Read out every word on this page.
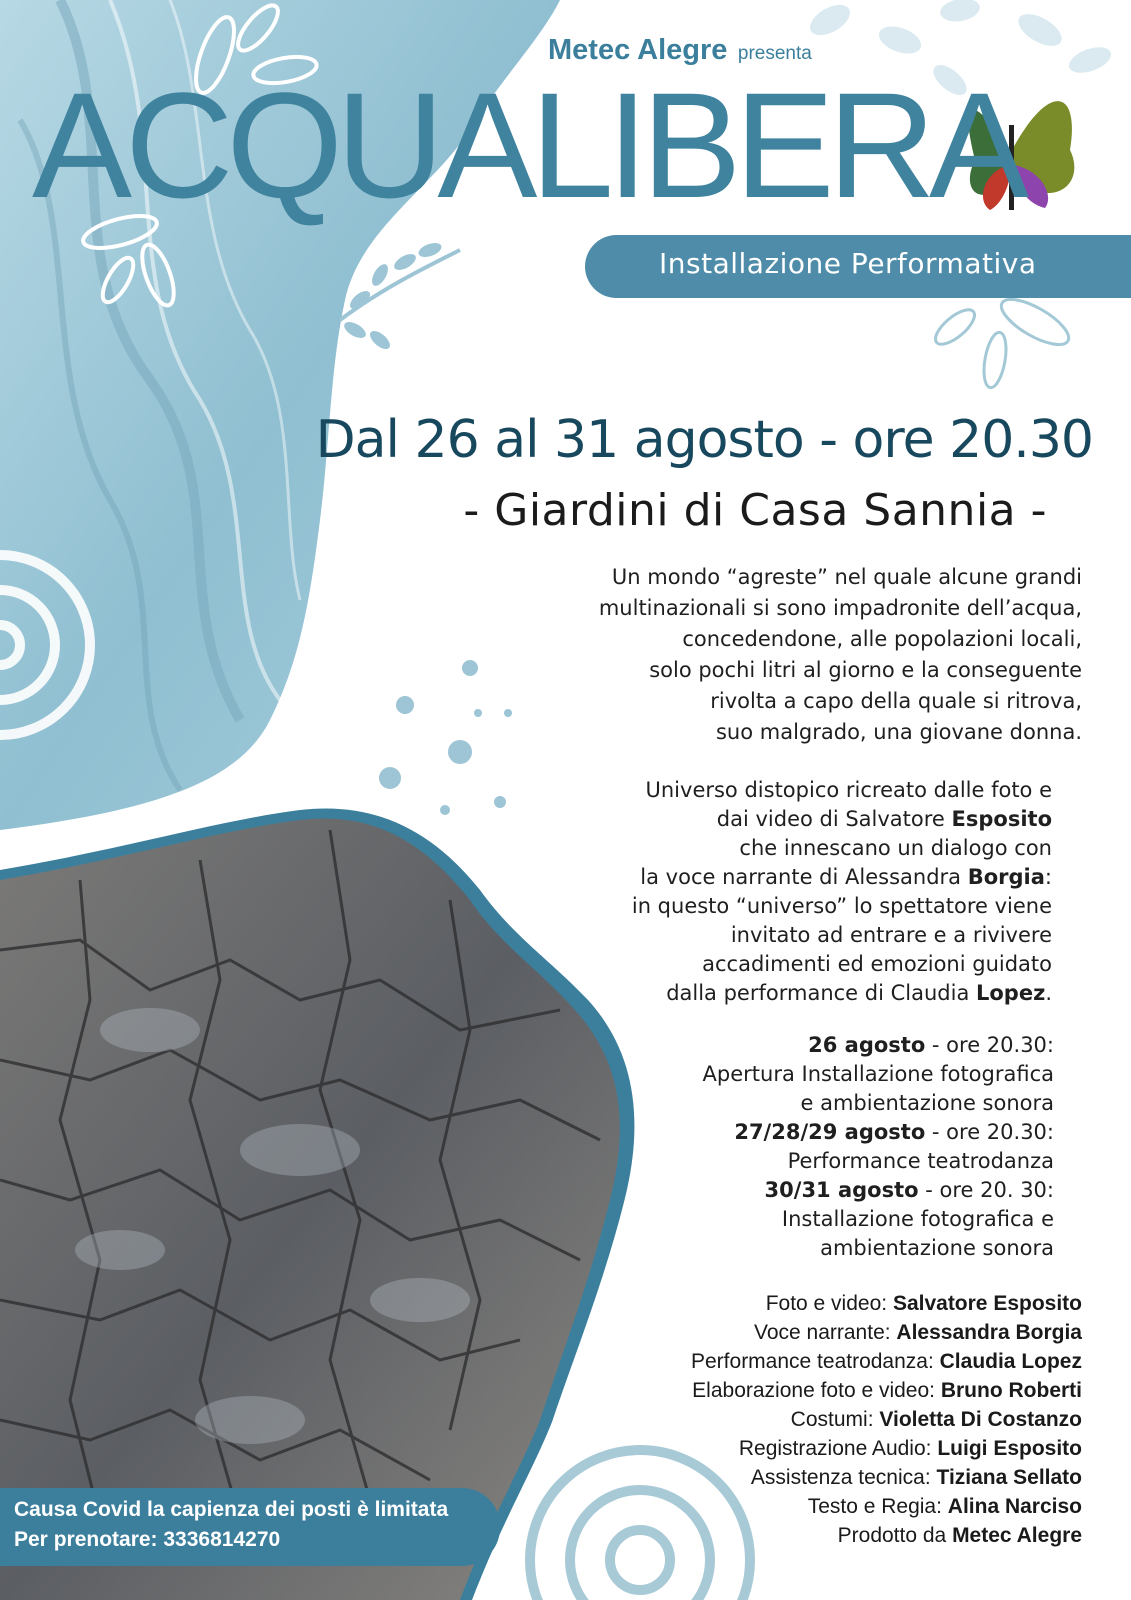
Metec Alegre presenta
ACQUALIBERA
Installazione Performativa
Dal 26 al 31 agosto - ore 20.30
- Giardini di Casa Sannia -
Un mondo “agreste” nel quale alcune grandi
multinazionali si sono impadronite dell’acqua,
concedendone, alle popolazioni locali,
solo pochi litri al giorno e la conseguente
rivolta a capo della quale si ritrova,
suo malgrado, una giovane donna.
Universo distopico ricreato dalle foto e
dai video di Salvatore Esposito
che innescano un dialogo con
la voce narrante di Alessandra Borgia:
in questo “universo” lo spettatore viene
invitato ad entrare e a rivivere
accadimenti ed emozioni guidato
dalla performance di Claudia Lopez.
26 agosto - ore 20.30:
Apertura Installazione fotografica
e ambientazione sonora
27/28/29 agosto - ore 20.30:
Performance teatrodanza
30/31 agosto - ore 20. 30:
Installazione fotografica e
ambientazione sonora
Foto e video: Salvatore Esposito
Voce narrante: Alessandra Borgia
Performance teatrodanza: Claudia Lopez
Elaborazione foto e video: Bruno Roberti
Costumi: Violetta Di Costanzo
Registrazione Audio: Luigi Esposito
Assistenza tecnica: Tiziana Sellato
Testo e Regia: Alina Narciso
Prodotto da Metec Alegre
Causa Covid la capienza dei posti è limitata
Per prenotare: 3336814270
